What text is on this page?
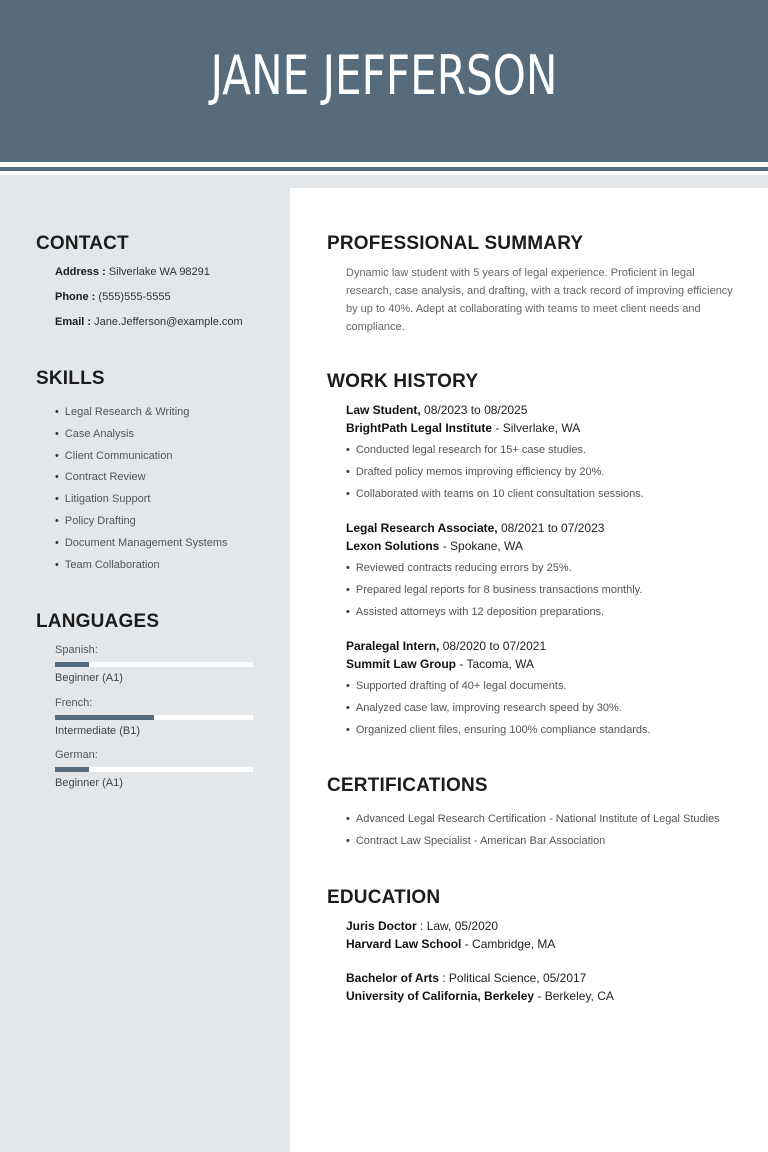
JANE JEFFERSON
CONTACT
Address : Silverlake WA 98291
Phone : (555)555-5555
Email : Jane.Jefferson@example.com
SKILLS
• Legal Research & Writing
• Case Analysis
• Client Communication
• Contract Review
• Litigation Support
• Policy Drafting
• Document Management Systems
• Team Collaboration
LANGUAGES
Spanish:
Beginner (A1)
French:
Intermediate (B1)
German:
Beginner (A1)
PROFESSIONAL SUMMARY
Dynamic law student with 5 years of legal experience. Proficient in legal research, case analysis, and drafting, with a track record of improving efficiency by up to 40%. Adept at collaborating with teams to meet client needs and compliance.
WORK HISTORY
Law Student, 08/2023 to 08/2025
BrightPath Legal Institute - Silverlake, WA
• Conducted legal research for 15+ case studies.
• Drafted policy memos improving efficiency by 20%.
• Collaborated with teams on 10 client consultation sessions.
Legal Research Associate, 08/2021 to 07/2023
Lexon Solutions - Spokane, WA
• Reviewed contracts reducing errors by 25%.
• Prepared legal reports for 8 business transactions monthly.
• Assisted attorneys with 12 deposition preparations.
Paralegal Intern, 08/2020 to 07/2021
Summit Law Group - Tacoma, WA
• Supported drafting of 40+ legal documents.
• Analyzed case law, improving research speed by 30%.
• Organized client files, ensuring 100% compliance standards.
CERTIFICATIONS
• Advanced Legal Research Certification - National Institute of Legal Studies
• Contract Law Specialist - American Bar Association
EDUCATION
Juris Doctor : Law, 05/2020
Harvard Law School - Cambridge, MA
Bachelor of Arts : Political Science, 05/2017
University of California, Berkeley - Berkeley, CA
